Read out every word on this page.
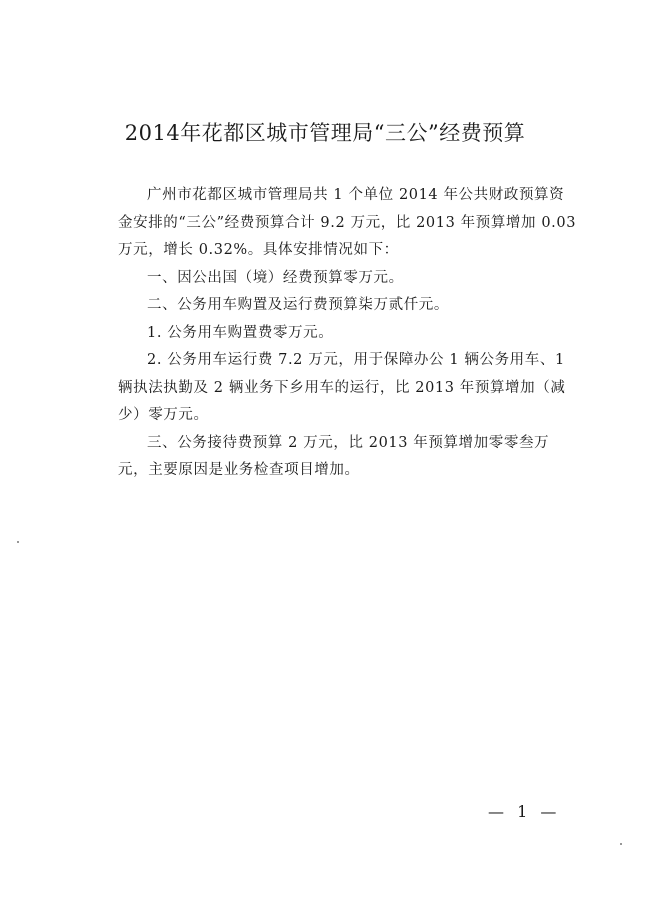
2014年花都区城市管理局“三公”经费预算

广州市花都区城市管理局共 1 个单位 2014 年公共财政预算资金安排的“三公”经费预算合计 9.2 万元，比 2013 年预算增加 0.03 万元，增长 0.32%。具体安排情况如下：

一、因公出国（境）经费预算零万元。

二、公务用车购置及运行费预算柒万贰仟元。

1. 公务用车购置费零万元。

2. 公务用车运行费 7.2 万元，用于保障办公 1 辆公务用车、1 辆执法执勤及 2 辆业务下乡用车的运行，比 2013 年预算增加（减少）零万元。

三、公务接待费预算 2 万元，比 2013 年预算增加零零叁万元，主要原因是业务检查项目增加。

— 1 —
